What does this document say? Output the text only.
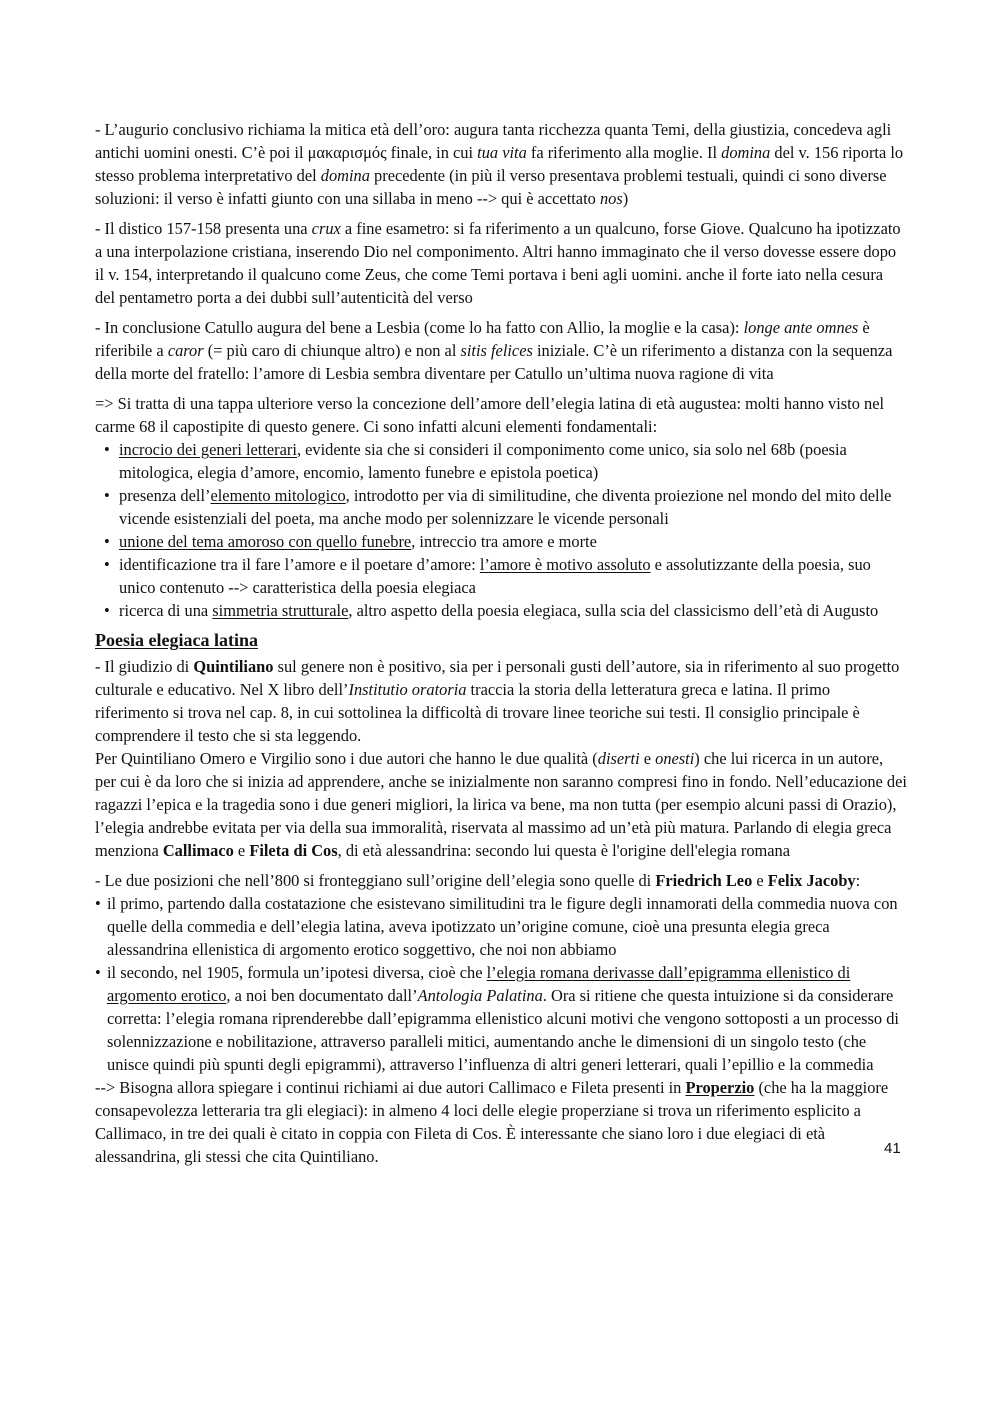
- L’augurio conclusivo richiama la mitica età dell’oro: augura tanta ricchezza quanta Temi, della giustizia, concedeva agli antichi uomini onesti. C’è poi il μακαρισμός finale, in cui tua vita fa riferimento alla moglie. Il domina del v. 156 riporta lo stesso problema interpretativo del domina precedente (in più il verso presentava problemi testuali, quindi ci sono diverse soluzioni: il verso è infatti giunto con una sillaba in meno --> qui è accettato nos)

- Il distico 157-158 presenta una crux a fine esametro: si fa riferimento a un qualcuno, forse Giove. Qualcuno ha ipotizzato a una interpolazione cristiana, inserendo Dio nel componimento. Altri hanno immaginato che il verso dovesse essere dopo il v. 154, interpretando il qualcuno come Zeus, che come Temi portava i beni agli uomini. anche il forte iato nella cesura del pentametro porta a dei dubbi sull’autenticità del verso

- In conclusione Catullo augura del bene a Lesbia (come lo ha fatto con Allio, la moglie e la casa): longe ante omnes è riferibile a caror (= più caro di chiunque altro) e non al sitis felices iniziale. C’è un riferimento a distanza con la sequenza della morte del fratello: l’amore di Lesbia sembra diventare per Catullo un’ultima nuova ragione di vita

=> Si tratta di una tappa ulteriore verso la concezione dell’amore dell’elegia latina di età augustea: molti hanno visto nel carme 68 il capostipite di questo genere. Ci sono infatti alcuni elementi fondamentali:

• incrocio dei generi letterari, evidente sia che si consideri il componimento come unico, sia solo nel 68b (poesia mitologica, elegia d’amore, encomio, lamento funebre e epistola poetica)
• presenza dell’elemento mitologico, introdotto per via di similitudine, che diventa proiezione nel mondo del mito delle vicende esistenziali del poeta, ma anche modo per solennizzare le vicende personali
• unione del tema amoroso con quello funebre, intreccio tra amore e morte
• identificazione tra il fare l’amore e il poetare d’amore: l’amore è motivo assoluto e assolutizzante della poesia, suo unico contenuto --> caratteristica della poesia elegiaca
• ricerca di una simmetria strutturale, altro aspetto della poesia elegiaca, sulla scia del classicismo dell’età di Augusto
Poesia elegiaca latina

- Il giudizio di Quintiliano sul genere non è positivo, sia per i personali gusti dell’autore, sia in riferimento al suo progetto culturale e educativo. Nel X libro dell’Institutio oratoria traccia la storia della letteratura greca e latina. Il primo riferimento si trova nel cap. 8, in cui sottolinea la difficoltà di trovare linee teoriche sui testi. Il consiglio principale è comprendere il testo che si sta leggendo.

Per Quintiliano Omero e Virgilio sono i due autori che hanno le due qualità (diserti e onesti) che lui ricerca in un autore, per cui è da loro che si inizia ad apprendere, anche se inizialmente non saranno compresi fino in fondo. Nell’educazione dei ragazzi l’epica e la tragedia sono i due generi migliori, la lirica va bene, ma non tutta (per esempio alcuni passi di Orazio), l’elegia andrebbe evitata per via della sua immoralità, riservata al massimo ad un’età più matura. Parlando di elegia greca menziona Callimaco e Fileta di Cos, di età alessandrina: secondo lui questa è l'origine dell'elegia romana

- Le due posizioni che nell’800 si fronteggiano sull’origine dell’elegia sono quelle di Friedrich Leo e Felix Jacoby:

• il primo, partendo dalla costatazione che esistevano similitudini tra le figure degli innamorati della commedia nuova con quelle della commedia e dell’elegia latina, aveva ipotizzato un’origine comune, cioè una presunta elegia greca alessandrina ellenistica di argomento erotico soggettivo, che noi non abbiamo
• il secondo, nel 1905, formula un’ipotesi diversa, cioè che l’elegia romana derivasse dall’epigramma ellenistico di argomento erotico, a noi ben documentato dall’Antologia Palatina. Ora si ritiene che questa intuizione si da considerare corretta: l’elegia romana riprenderebbe dall’epigramma ellenistico alcuni motivi che vengono sottoposti a un processo di solennizzazione e nobilitazione, attraverso paralleli mitici, aumentando anche le dimensioni di un singolo testo (che unisce quindi più spunti degli epigrammi), attraverso l’influenza di altri generi letterari, quali l’epillio e la commedia

--> Bisogna allora spiegare i continui richiami ai due autori Callimaco e Fileta presenti in Properzio (che ha la maggiore consapevolezza letteraria tra gli elegiaci): in almeno 4 loci delle elegie properziane si trova un riferimento esplicito a Callimaco, in tre dei quali è citato in coppia con Fileta di Cos. È interessante che siano loro i due elegiaci di età alessandrina, gli stessi che cita Quintiliano.	41
